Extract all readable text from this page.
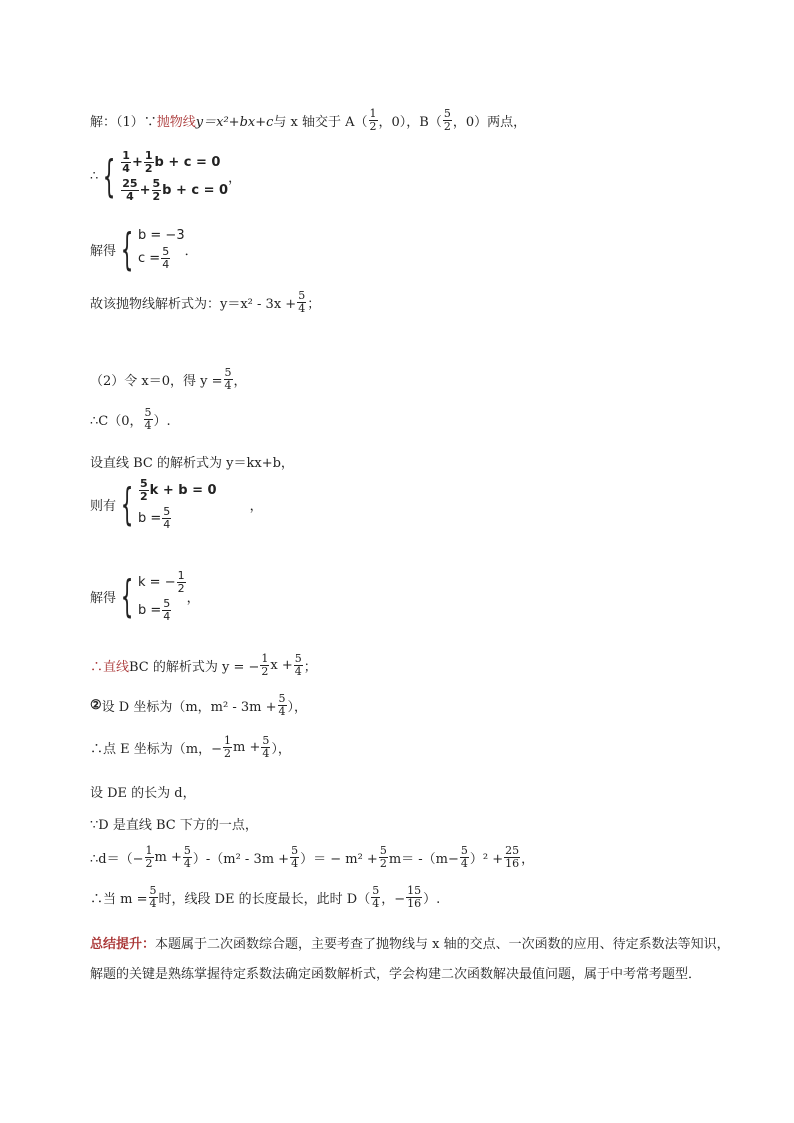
解：（1）∵ 抛物线 y＝x²+bx+c 与 x 轴交于 $A( \frac{1}{2}$ ，0），$B( \frac{5}{2}$ ，0）两点，
∴ { $\frac{1}{4} + \frac{1}{2}$ b + c = 0
$\frac{25}{4} + \frac{5}{2}$ b + c = 0
，
解得 { b = −3
$c = \frac{5}{4}$ ．
故该抛物线解析式为：$y=x^2 - 3x + \frac{5}{4}$ ；
（2）令 x＝0，得 $y = \frac{5}{4}$ ，
∴C（0， $\frac{5}{4}$ ）.
设直线 BC 的解析式为 y＝kx+b，
则有 { $\frac{5}{2}$ k + b = 0
$b = \frac{5}{4}$	，
解得 { k = − $\frac{1}{2}$
$b = \frac{5}{4}$ ，
∴直线 BC 的解析式为 y = − $\frac{1}{2}$ $x + \frac{5}{4}$ ；
② 设 D 坐标为（m，$m^2 - 3m + \frac{5}{4}$ ），
∴点 E 坐标为（m，− $\frac{1}{2}$ $m + \frac{5}{4}$ ），
设 DE 的长为 d，
∵D 是直线 BC 下方的一点，
∴d＝（− $\frac{1}{2}$ $m + \frac{5}{4} )-(m^2 - 3m + \frac{5}{4}$ ）＝ − $m^2 + \frac{5}{2} m= -(m- \frac{5}{4} )^2 + \frac{25}{16}$ ，
∴当 $m = \frac{5}{4}$ 时，线段 DE 的长度最长，此时 $D( \frac{5}{4}$ ，− $\frac{15}{16}$ ）.
总结提升：本题属于二次函数综合题，主要考查了抛物线与 x 轴的交点、一次函数的应用、待定系数法等知识，解题的关键是熟练掌握待定系数法确定函数解析式，学会构建二次函数解决最值问题，属于中考常考题型．
